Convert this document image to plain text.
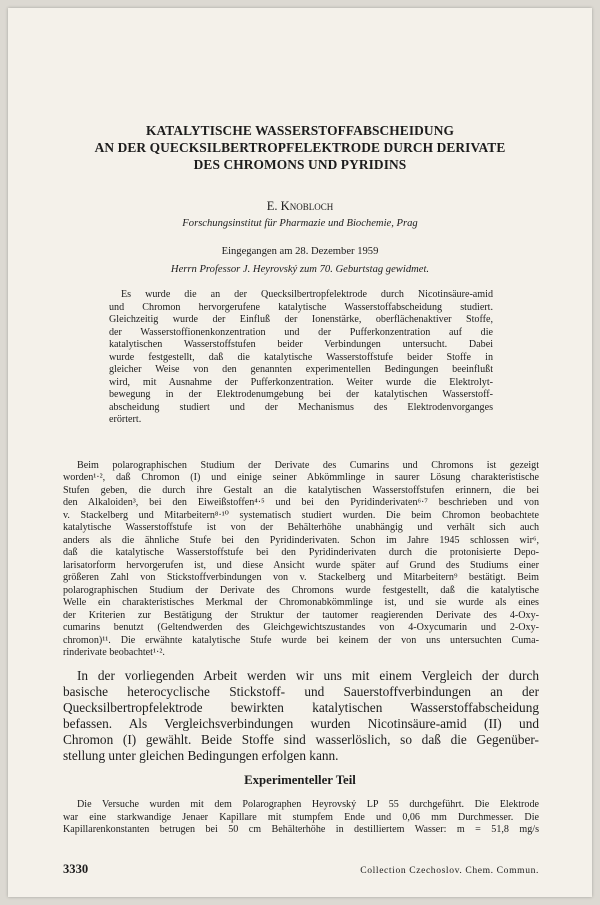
KATALYTISCHE WASSERSTOFFABSCHEIDUNG
AN DER QUECKSILBERTROPFELEKTRODE DURCH DERIVATE
DES CHROMONS UND PYRIDINS
E. Knobloch
Forschungsinstitut für Pharmazie und Biochemie, Prag
Eingegangen am 28. Dezember 1959
Herrn Professor J. Heyrovský zum 70. Geburtstag gewidmet.
Es wurde die an der Quecksilbertropfelektrode durch Nicotinsäure-amid
und Chromon hervorgerufene katalytische Wasserstoffabscheidung studiert.
Gleichzeitig wurde der Einfluß der Ionenstärke, oberflächenaktiver Stoffe,
der Wasserstoffionenkonzentration und der Pufferkonzentration auf die
katalytischen Wasserstoffstufen beider Verbindungen untersucht. Dabei
wurde festgestellt, daß die katalytische Wasserstoffstufe beider Stoffe in
gleicher Weise von den genannten experimentellen Bedingungen beeinflußt
wird, mit Ausnahme der Pufferkonzentration. Weiter wurde die Elektrolyt-
bewegung in der Elektrodenumgebung bei der katalytischen Wasserstoff-
abscheidung studiert und der Mechanismus des Elektrodenvorganges
erörtert.
Beim polarographischen Studium der Derivate des Cumarins und Chromons ist gezeigt
worden¹·², daß Chromon (I) und einige seiner Abkömmlinge in saurer Lösung charakteristische
Stufen geben, die durch ihre Gestalt an die katalytischen Wasserstoffstufen erinnern, die bei
den Alkaloiden³, bei den Eiweißstoffen⁴·⁵ und bei den Pyridinderivaten⁶·⁷ beschrieben und von
v. Stackelberg und Mitarbeitern⁸·¹⁰ systematisch studiert wurden. Die beim Chromon beobachtete
katalytische Wasserstoffstufe ist von der Behälterhöhe unabhängig und verhält sich auch
anders als die ähnliche Stufe bei den Pyridinderivaten. Schon im Jahre 1945 schlossen wir⁶,
daß die katalytische Wasserstoffstufe bei den Pyridinderivaten durch die protonisierte Depo-
larisatorform hervorgerufen ist, und diese Ansicht wurde später auf Grund des Studiums einer
größeren Zahl von Stickstoffverbindungen von v. Stackelberg und Mitarbeitern⁹ bestätigt. Beim
polarographischen Studium der Derivate des Chromons wurde festgestellt, daß die katalytische
Welle ein charakteristisches Merkmal der Chromonabkömmlinge ist, und sie wurde als eines
der Kriterien zur Bestätigung der Struktur der tautomer reagierenden Derivate des 4-Oxy-
cumarins benutzt (Geltendwerden des Gleichgewichtszustandes von 4-Oxycumarin und 2-Oxy-
chromon)¹¹. Die erwähnte katalytische Stufe wurde bei keinem der von uns untersuchten Cuma-
rinderivate beobachtet¹·².
In der vorliegenden Arbeit werden wir uns mit einem Vergleich der durch
basische heterocyclische Stickstoff- und Sauerstoffverbindungen an der
Quecksilbertropfelektrode bewirkten katalytischen Wasserstoffabscheidung
befassen. Als Vergleichsverbindungen wurden Nicotinsäure-amid (II) und
Chromon (I) gewählt. Beide Stoffe sind wasserlöslich, so daß die Gegenüber-
stellung unter gleichen Bedingungen erfolgen kann.
Experimenteller Teil
Die Versuche wurden mit dem Polarographen Heyrovský LP 55 durchgeführt. Die Elektrode
war eine starkwandige Jenaer Kapillare mit stumpfem Ende und 0,06 mm Durchmesser. Die
Kapillarenkonstanten betrugen bei 50 cm Behälterhöhe in destilliertem Wasser: m = 51,8 mg/s
3330	Collection Czechoslov. Chem. Commun.
